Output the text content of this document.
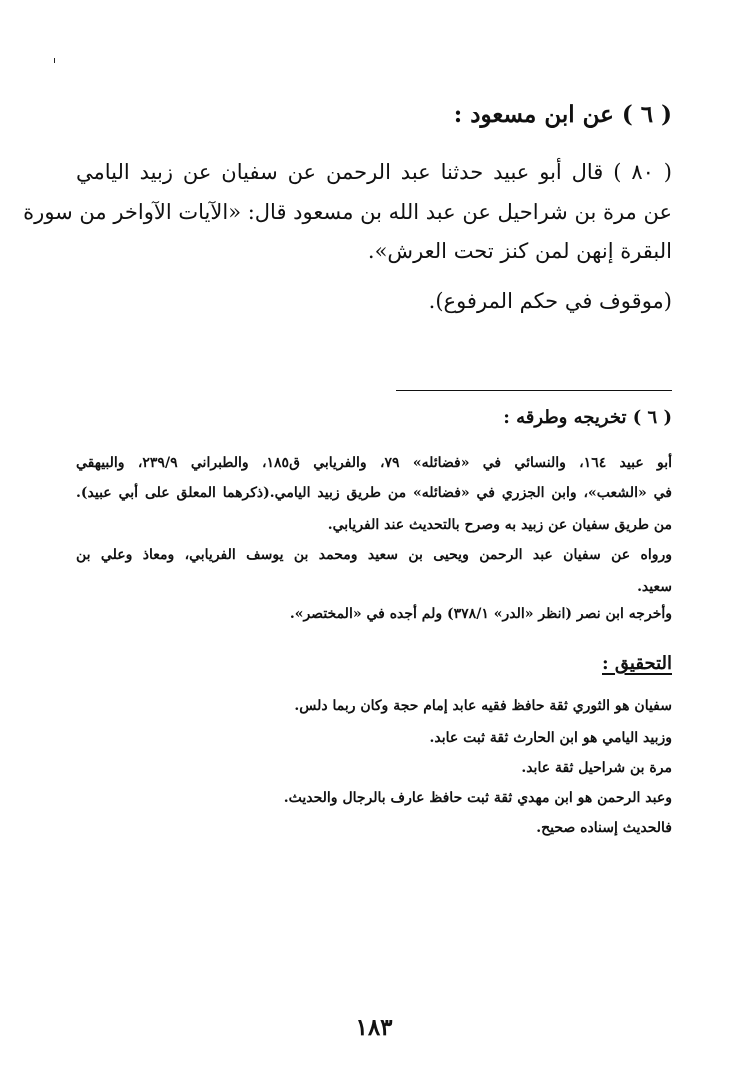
( ٦ ) عن ابن مسعود :
( ٨٠ ) قال أبو عبيد حدثنا عبد الرحمن عن سفيان عن زبيد اليامي
عن مرة بن شراحيل عن عبد الله بن مسعود قال: «الآيات الآواخر من سورة
البقرة إنهن لمن كنز تحت العرش».
(موقوف في حكم المرفوع).
( ٦ ) تخريجه وطرقه :
أبو عبيد ١٦٤، والنسائي في «فضائله» ٧٩، والفريابي ق١٨٥، والطبراني ٢٣٩/٩، والبيهقي
في «الشعب»، وابن الجزري في «فضائله» من طريق زبيد اليامي.(ذكرهما المعلق على أبي عبيد).
من طريق سفيان عن زبيد به وصرح بالتحديث عند الفريابي.
ورواه عن سفيان عبد الرحمن ويحيى بن سعيد ومحمد بن يوسف الفريابي، ومعاذ وعلي بن
سعيد.
وأخرجه ابن نصر (انظر «الدر» ٣٧٨/١) ولم أجده في «المختصر».
التحقيق :
سفيان هو الثوري ثقة حافظ فقيه عابد إمام حجة وكان ربما دلس.
وزبيد اليامي هو ابن الحارث ثقة ثبت عابد.
مرة بن شراحيل ثقة عابد.
وعبد الرحمن هو ابن مهدي ثقة ثبت حافظ عارف بالرجال والحديث.
فالحديث إسناده صحيح.
١٨٣
